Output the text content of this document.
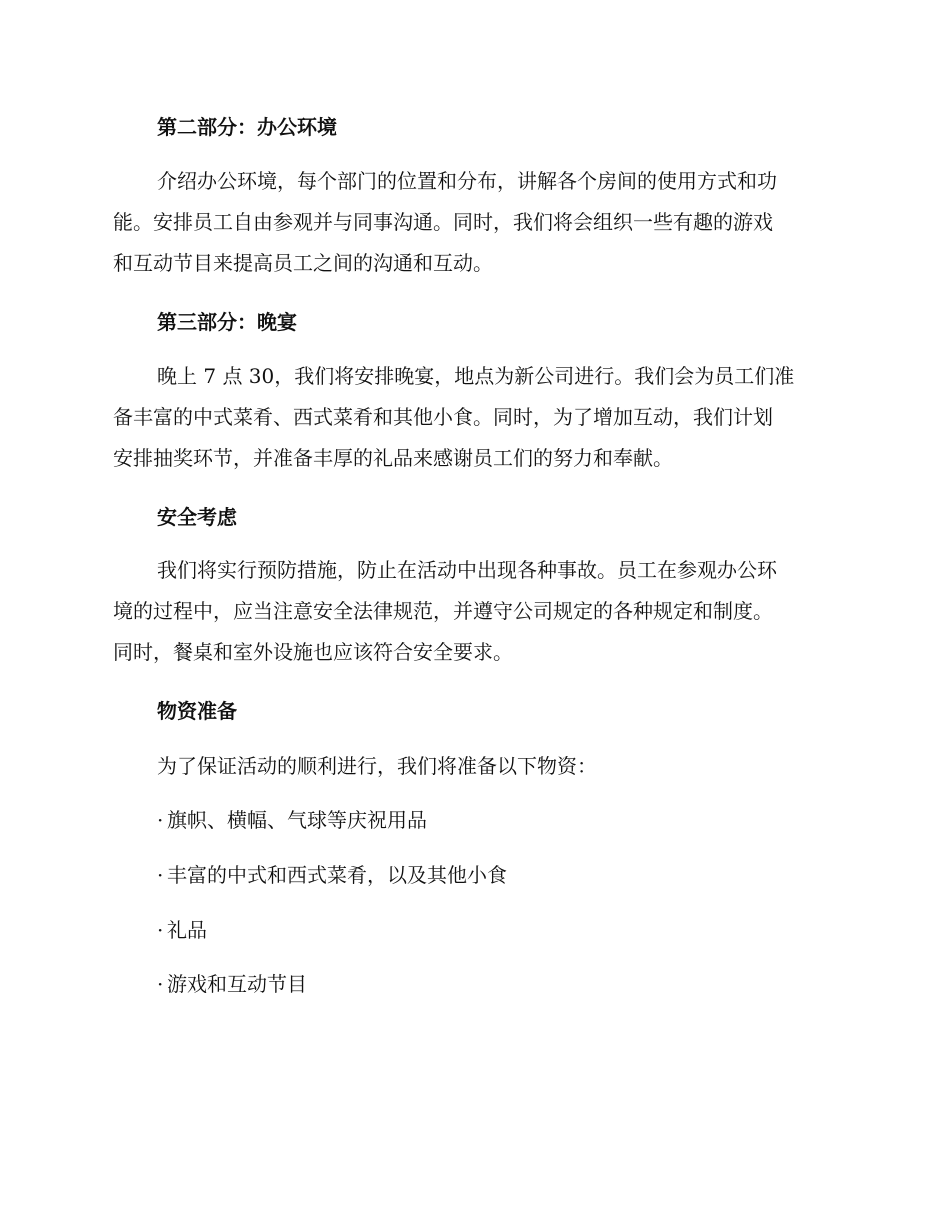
第二部分：办公环境
介绍办公环境，每个部门的位置和分布，讲解各个房间的使用方式和功
能。安排员工自由参观并与同事沟通。同时，我们将会组织一些有趣的游戏
和互动节目来提高员工之间的沟通和互动。
第三部分：晚宴
晚上 7 点 30，我们将安排晚宴，地点为新公司进行。我们会为员工们准
备丰富的中式菜肴、西式菜肴和其他小食。同时，为了增加互动，我们计划
安排抽奖环节，并准备丰厚的礼品来感谢员工们的努力和奉献。
安全考虑
我们将实行预防措施，防止在活动中出现各种事故。员工在参观办公环
境的过程中，应当注意安全法律规范，并遵守公司规定的各种规定和制度。
同时，餐桌和室外设施也应该符合安全要求。
物资准备
为了保证活动的顺利进行，我们将准备以下物资：
· 旗帜、横幅、气球等庆祝用品
· 丰富的中式和西式菜肴，以及其他小食
· 礼品
· 游戏和互动节目
